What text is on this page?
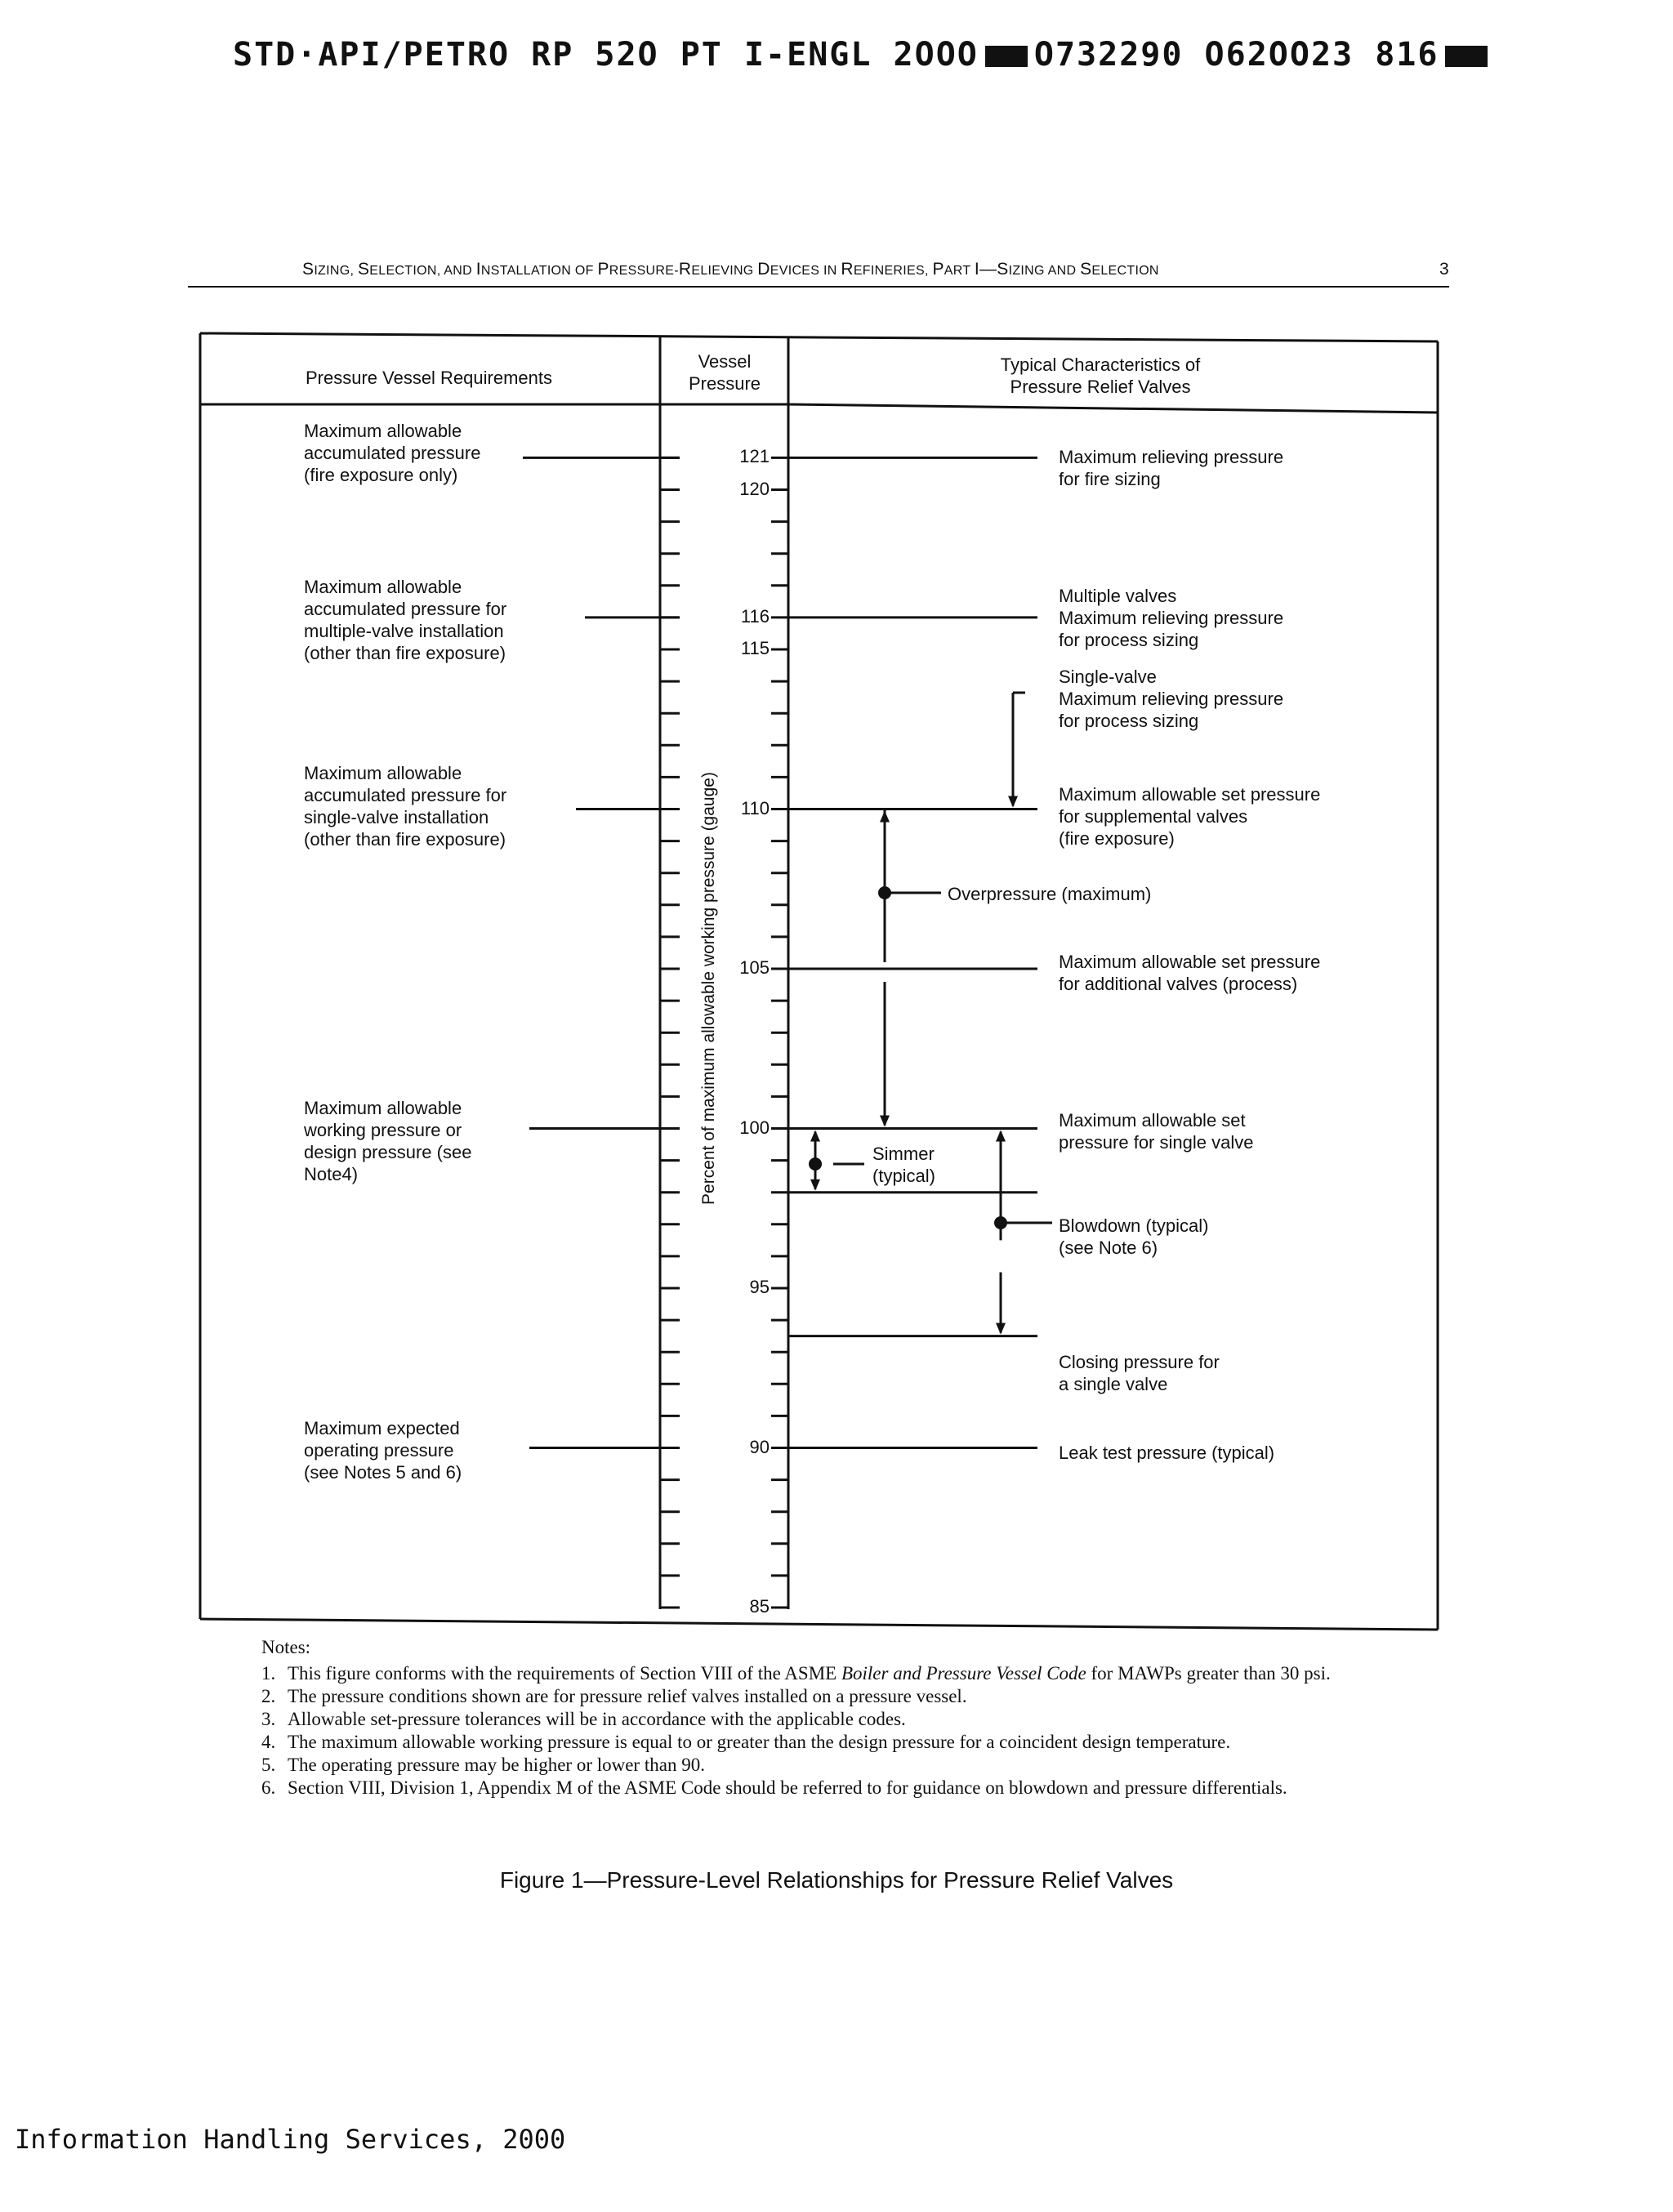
STD·API/PETRO RP 52O PT I-ENGL 2OOO O732290 O62OO23 816
SIZING, SELECTION, AND INSTALLATION OF PRESSURE-RELIEVING DEVICES IN REFINERIES, PART I—SIZING AND SELECTION	3
Pressure Vessel Requirements
Vessel
Pressure
Typical Characteristics of
Pressure Relief Valves
Percent of maximum allowable working pressure (gauge)
121
120
116
115
110
105
100
95
90
85
Maximum allowable
accumulated pressure
(fire exposure only)
Maximum allowable
accumulated pressure for
multiple-valve installation
(other than fire exposure)
Maximum allowable
accumulated pressure for
single-valve installation
(other than fire exposure)
Maximum allowable
working pressure or
design pressure (see
Note4)
Maximum expected
operating pressure
(see Notes 5 and 6)
Maximum relieving pressure
for fire sizing
Multiple valves
Maximum relieving pressure
for process sizing
Single-valve
Maximum relieving pressure
for process sizing
Maximum allowable set pressure
for supplemental valves
(fire exposure)
Maximum allowable set pressure
for additional valves (process)
Maximum allowable set
pressure for single valve
Blowdown (typical)
(see Note 6)
Closing pressure for
a single valve
Leak test pressure (typical)
Overpressure (maximum)
Simmer
(typical)
Notes:
1. This figure conforms with the requirements of Section VIII of the ASME Boiler and Pressure Vessel Code for MAWPs greater than 30 psi.
2. The pressure conditions shown are for pressure relief valves installed on a pressure vessel.
3. Allowable set-pressure tolerances will be in accordance with the applicable codes.
4. The maximum allowable working pressure is equal to or greater than the design pressure for a coincident design temperature.
5. The operating pressure may be higher or lower than 90.
6. Section VIII, Division 1, Appendix M of the ASME Code should be referred to for guidance on blowdown and pressure differentials.
Figure 1—Pressure-Level Relationships for Pressure Relief Valves
Information Handling Services, 2000
